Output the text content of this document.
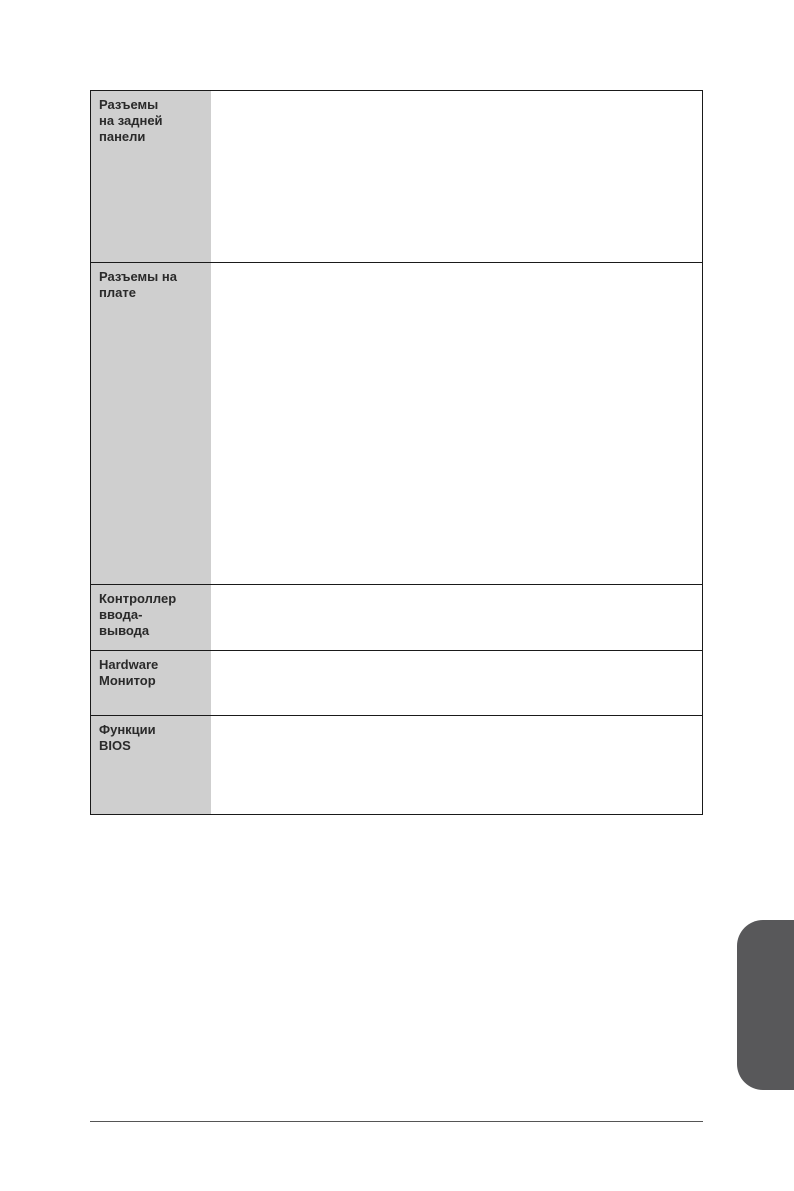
Разъемы
на задней
панели
Разъемы на
плате
Контроллер
ввода-
вывода
Hardware
Монитор
Функции
BIOS
